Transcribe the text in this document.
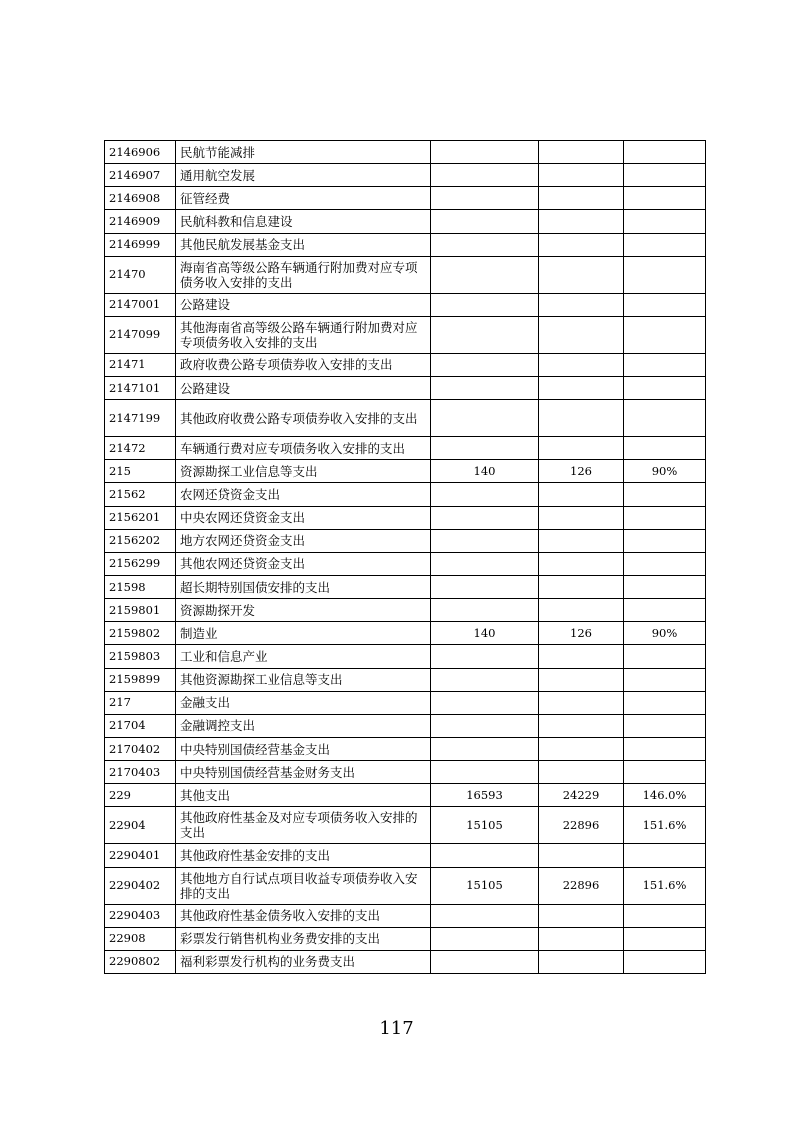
2146906	民航节能减排			
2146907	通用航空发展			
2146908	征管经费			
2146909	民航科教和信息建设			
2146999	其他民航发展基金支出			
21470	海南省高等级公路车辆通行附加费对应专项债务收入安排的支出			
2147001	公路建设			
2147099	其他海南省高等级公路车辆通行附加费对应专项债务收入安排的支出			
21471	政府收费公路专项债券收入安排的支出			
2147101	公路建设			
2147199	其他政府收费公路专项债券收入安排的支出			
21472	车辆通行费对应专项债务收入安排的支出			
215	资源勘探工业信息等支出	140	126	90%
21562	农网还贷资金支出			
2156201	中央农网还贷资金支出			
2156202	地方农网还贷资金支出			
2156299	其他农网还贷资金支出			
21598	超长期特别国债安排的支出			
2159801	资源勘探开发			
2159802	制造业	140	126	90%
2159803	工业和信息产业			
2159899	其他资源勘探工业信息等支出			
217	金融支出			
21704	金融调控支出			
2170402	中央特别国债经营基金支出			
2170403	中央特别国债经营基金财务支出			
229	其他支出	16593	24229	146.0%
22904	其他政府性基金及对应专项债务收入安排的支出	15105	22896	151.6%
2290401	其他政府性基金安排的支出			
2290402	其他地方自行试点项目收益专项债券收入安排的支出	15105	22896	151.6%
2290403	其他政府性基金债务收入安排的支出			
22908	彩票发行销售机构业务费安排的支出			
2290802	福利彩票发行机构的业务费支出			
117
